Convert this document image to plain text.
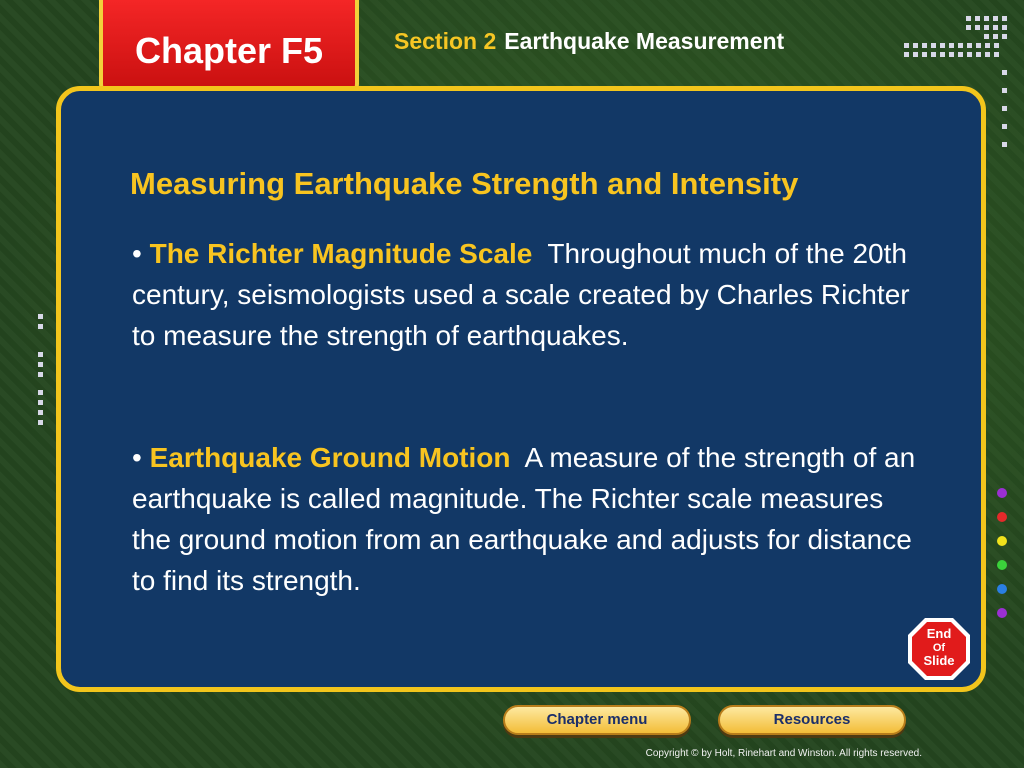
Chapter F5	Section 2 Earthquake Measurement
Measuring Earthquake Strength and Intensity
• The Richter Magnitude Scale Throughout much of the 20th century, seismologists used a scale created by Charles Richter to measure the strength of earthquakes.
• Earthquake Ground Motion A measure of the strength of an earthquake is called magnitude. The Richter scale measures the ground motion from an earthquake and adjusts for distance to find its strength.
End
Of
Slide
Chapter menu	Resources
Copyright © by Holt, Rinehart and Winston. All rights reserved.
